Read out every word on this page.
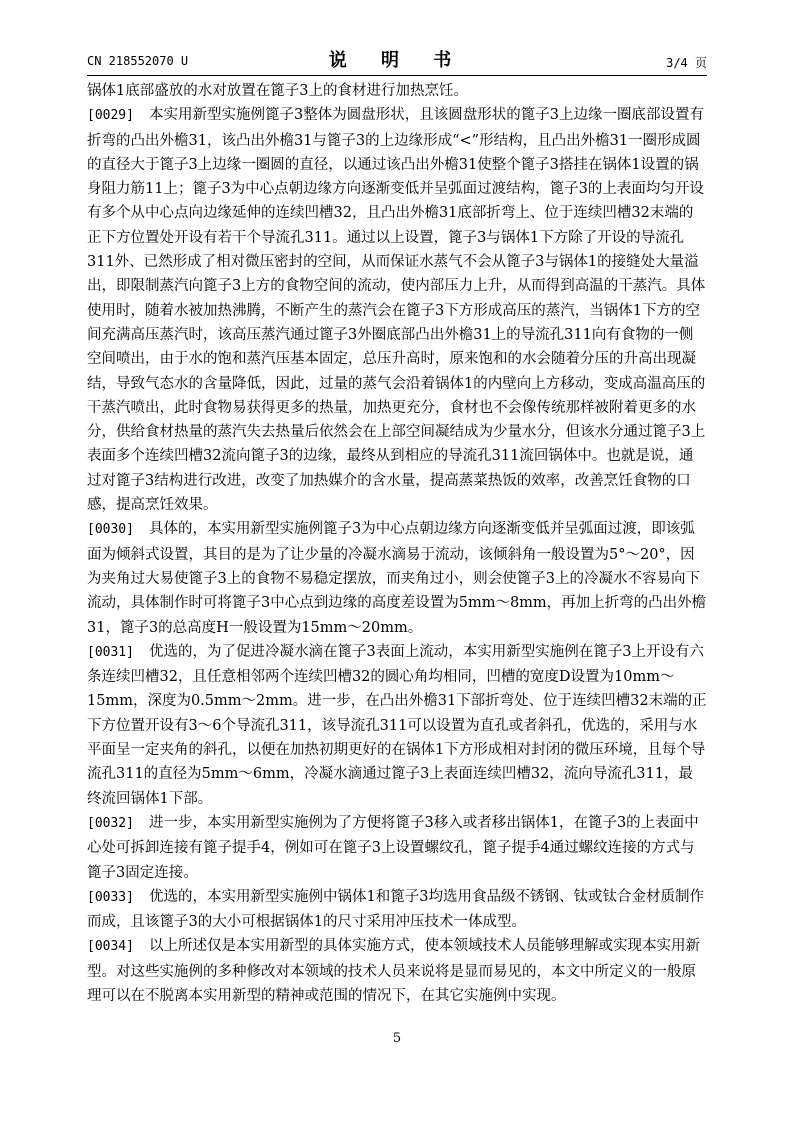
CN 218552070 U	说 明 书	3/4 页

锅体1底部盛放的水对放置在篦子3上的食材进行加热烹饪。

[0029] 本实用新型实施例篦子3整体为圆盘形状，且该圆盘形状的篦子3上边缘一圈底部设置有折弯的凸出外檐31，该凸出外檐31与篦子3的上边缘形成“<”形结构，且凸出外檐31一圈形成圆的直径大于篦子3上边缘一圈圆的直径，以通过该凸出外檐31使整个篦子3搭挂在锅体1设置的锅身阻力筋11上；篦子3为中心点朝边缘方向逐渐变低并呈弧面过渡结构，篦子3的上表面均匀开设有多个从中心点向边缘延伸的连续凹槽32，且凸出外檐31底部折弯上、位于连续凹槽32末端的正下方位置处开设有若干个导流孔311。通过以上设置，篦子3与锅体1下方除了开设的导流孔311外、已然形成了相对微压密封的空间，从而保证水蒸气不会从篦子3与锅体1的接缝处大量溢出，即限制蒸汽向篦子3上方的食物空间的流动，使内部压力上升，从而得到高温的干蒸汽。具体使用时，随着水被加热沸腾，不断产生的蒸汽会在篦子3下方形成高压的蒸汽，当锅体1下方的空间充满高压蒸汽时，该高压蒸汽通过篦子3外圈底部凸出外檐31上的导流孔311向有食物的一侧空间喷出，由于水的饱和蒸汽压基本固定，总压升高时，原来饱和的水会随着分压的升高出现凝结，导致气态水的含量降低，因此，过量的蒸气会沿着锅体1的内壁向上方移动，变成高温高压的干蒸汽喷出，此时食物易获得更多的热量，加热更充分，食材也不会像传统那样被附着更多的水分，供给食材热量的蒸汽失去热量后依然会在上部空间凝结成为少量水分，但该水分通过篦子3上表面多个连续凹槽32流向篦子3的边缘，最终从到相应的导流孔311流回锅体中。也就是说，通过对篦子3结构进行改进，改变了加热媒介的含水量，提高蒸菜热饭的效率，改善烹饪食物的口感，提高烹饪效果。

[0030] 具体的，本实用新型实施例篦子3为中心点朝边缘方向逐渐变低并呈弧面过渡，即该弧面为倾斜式设置，其目的是为了让少量的冷凝水滴易于流动，该倾斜角一般设置为5°～20°，因为夹角过大易使篦子3上的食物不易稳定摆放，而夹角过小，则会使篦子3上的冷凝水不容易向下流动，具体制作时可将篦子3中心点到边缘的高度差设置为5mm～8mm，再加上折弯的凸出外檐31，篦子3的总高度H一般设置为15mm～20mm。

[0031] 优选的，为了促进冷凝水滴在篦子3表面上流动，本实用新型实施例在篦子3上开设有六条连续凹槽32，且任意相邻两个连续凹槽32的圆心角均相同，凹槽的宽度D设置为10mm～15mm，深度为0.5mm～2mm。进一步，在凸出外檐31下部折弯处、位于连续凹槽32末端的正下方位置开设有3～6个导流孔311，该导流孔311可以设置为直孔或者斜孔，优选的，采用与水平面呈一定夹角的斜孔，以便在加热初期更好的在锅体1下方形成相对封闭的微压环境，且每个导流孔311的直径为5mm～6mm，冷凝水滴通过篦子3上表面连续凹槽32，流向导流孔311，最终流回锅体1下部。

[0032] 进一步，本实用新型实施例为了方便将篦子3移入或者移出锅体1，在篦子3的上表面中心处可拆卸连接有篦子提手4，例如可在篦子3上设置螺纹孔，篦子提手4通过螺纹连接的方式与篦子3固定连接。

[0033] 优选的，本实用新型实施例中锅体1和篦子3均选用食品级不锈钢、钛或钛合金材质制作而成，且该篦子3的大小可根据锅体1的尺寸采用冲压技术一体成型。

[0034] 以上所述仅是本实用新型的具体实施方式，使本领域技术人员能够理解或实现本实用新型。对这些实施例的多种修改对本领域的技术人员来说将是显而易见的，本文中所定义的一般原理可以在不脱离本实用新型的精神或范围的情况下，在其它实施例中实现。

5
